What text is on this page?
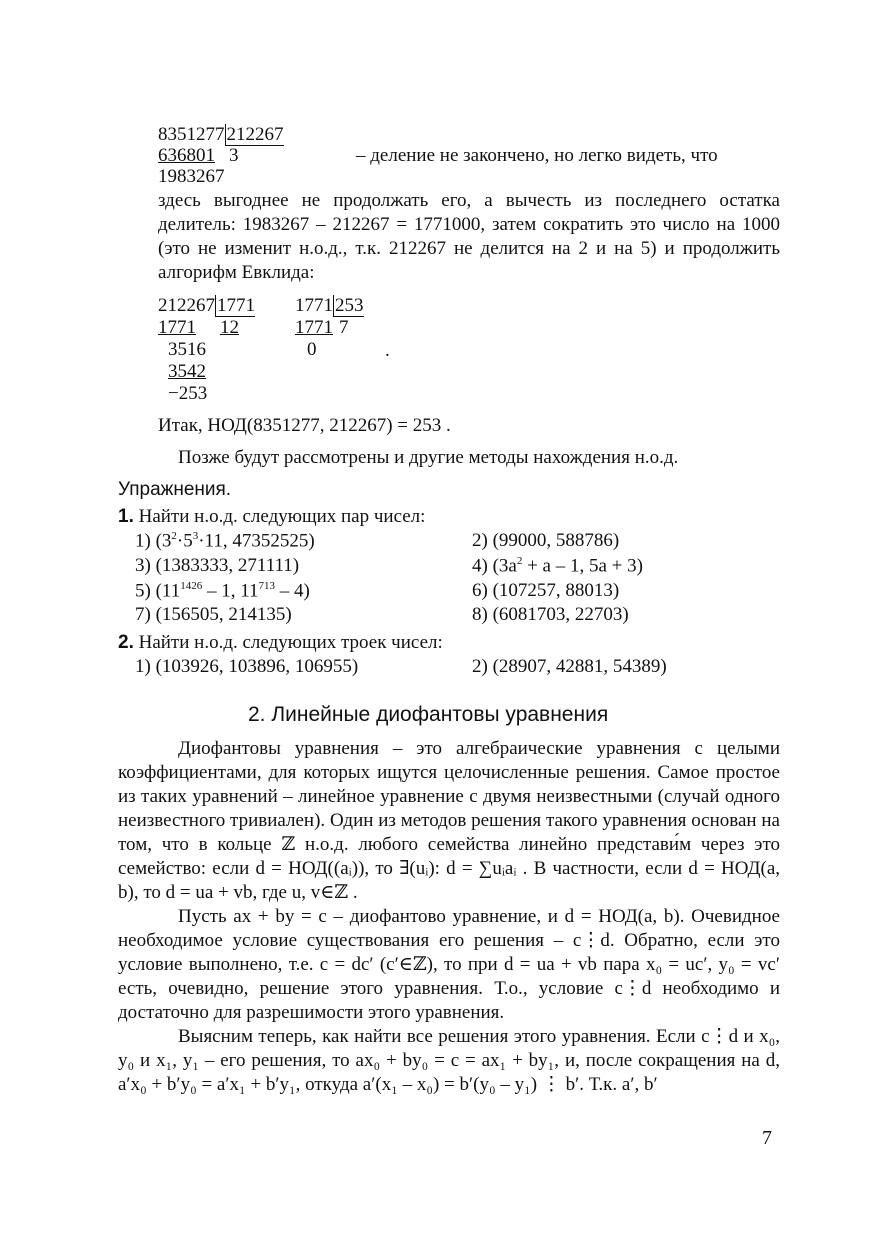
8351277 212267
636801 3
1983267
– деление не закончено, но легко видеть, что

здесь выгоднее не продолжать его, а вычесть из последнего остатка делитель: 1983267 – 212267 = 1771000, затем сократить это число на 1000 (это не изменит н.о.д., т.к. 212267 не делится на 2 и на 5) и продолжить алгорифм Евклида:

212267 1771
1771 12
3516
3542
−253
1771 253
1771 7
0	.
Итак, НОД(8351277, 212267) = 253 .
Позже будут рассмотрены и другие методы нахождения н.о.д.
Упражнения.
1. Найти н.о.д. следующих пар чисел:
1) ($3^2\cdot 5^3\cdot 11$, 47352525)	2) (99000, 588786)
3) (1383333, 271111)	4) ($3a^2 + a - 1$, 5a + 3)
5) ($11^{1426} - 1$, $11^{713} - 4$)	6) (107257, 88013)
7) (156505, 214135)	8) (6081703, 22703)
2. Найти н.о.д. следующих троек чисел:
1) (103926, 103896, 106955)	2) (28907, 42881, 54389)
2. Линейные диофантовы уравнения

Диофантовы уравнения – это алгебраические уравнения с целыми коэффициентами, для которых ищутся целочисленные решения. Самое простое из таких уравнений – линейное уравнение с двумя неизвестными (случай одного неизвестного тривиален). Один из методов решения такого уравнения основан на том, что в кольце ℤ н.о.д. любого семейства линейно представи́м через это семейство: если d = НОД((aᵢ)), то ∃(uᵢ): d = ∑uᵢaᵢ . В частности, если d = НОД(a, b), то d = ua + vb, где u, v∈ℤ .

Пусть ax + by = c – диофантово уравнение, и d = НОД(a, b). Очевидное необходимое условие существования его решения – c⋮d. Обратно, если это условие выполнено, т.е. c = dc′ (c′∈ℤ), то при d = ua + vb пара x₀ = uc′, y₀ = vc′ есть, очевидно, решение этого уравнения. Т.о., условие c⋮d необходимо и достаточно для разрешимости этого уравнения.

Выясним теперь, как найти все решения этого уравнения. Если c⋮d и x₀, y₀ и x₁, y₁ – его решения, то ax₀ + by₀ = c = ax₁ + by₁, и, после сокращения на d, a′x₀ + b′y₀ = a′x₁ + b′y₁, откуда a′(x₁ – x₀) = b′(y₀ – y₁) ⋮ b′. Т.к. a′, b′

7
